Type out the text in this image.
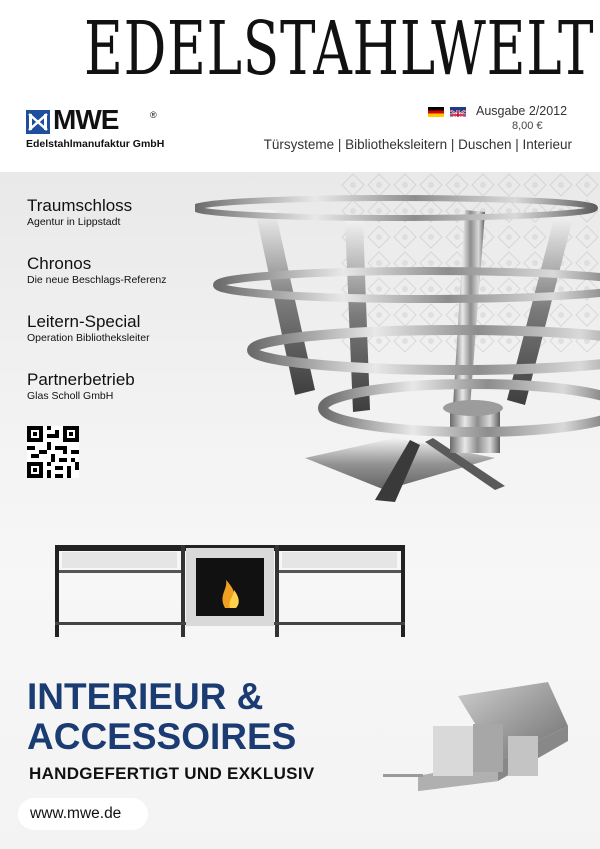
EDELSTAHLWELT
MWE	®
Edelstahlmanufaktur GmbH
Ausgabe 2/2012
8,00 €
Türsysteme | Bibliotheksleitern | Duschen | Interieur
Traumschloss
Agentur in Lippstadt
Chronos
Die neue Beschlags-Referenz
Leitern-Special
Operation Bibliotheksleiter
Partnerbetrieb
Glas Scholl GmbH
INTERIEUR &
ACCESSOIRES
HANDGEFERTIGT UND EXKLUSIV
www.mwe.de
